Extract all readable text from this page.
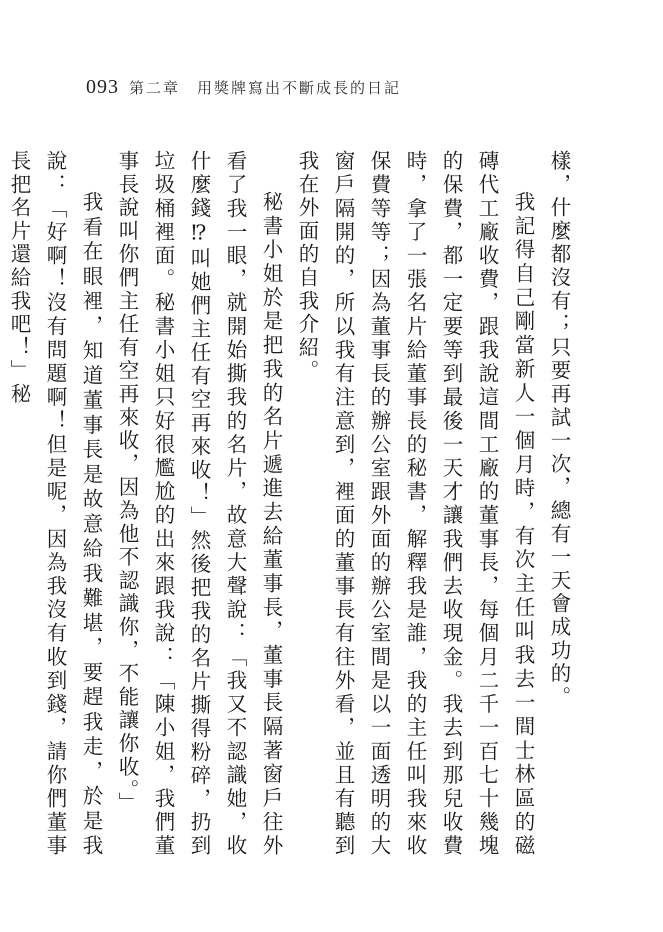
093 第二章　用獎牌寫出不斷成長的日記

樣，什麼都沒有；只要再試一次，總有一天會成功的。

我記得自己剛當新人一個月時，有次主任叫我去一間士林區的磁磚代工廠收費，跟我說這間工廠的董事長，每個月二千一百七十幾塊的保費，都一定要等到最後一天才讓我們去收現金。我去到那兒收費時，拿了一張名片給董事長的秘書，解釋我是誰，我的主任叫我來收保費等等；因為董事長的辦公室跟外面的辦公室間是以一面透明的大窗戶隔開的，所以我有注意到，裡面的董事長有往外看，並且有聽到我在外面的自我介紹。

秘書小姐於是把我的名片遞進去給董事長，董事長隔著窗戶往外看了我一眼，就開始撕我的名片，故意大聲說：「我又不認識她，收什麼錢⁉叫她們主任有空再來收！」然後把我的名片撕得粉碎，扔到垃圾桶裡面。秘書小姐只好很尷尬的出來跟我說：「陳小姐，我們董事長說叫你們主任有空再來收，因為他不認識你，不能讓你收。」

我看在眼裡，知道董事長是故意給我難堪，要趕我走，於是我說：「好啊！沒有問題啊！但是呢，因為我沒有收到錢，請你們董事長把名片還給我吧！」秘
